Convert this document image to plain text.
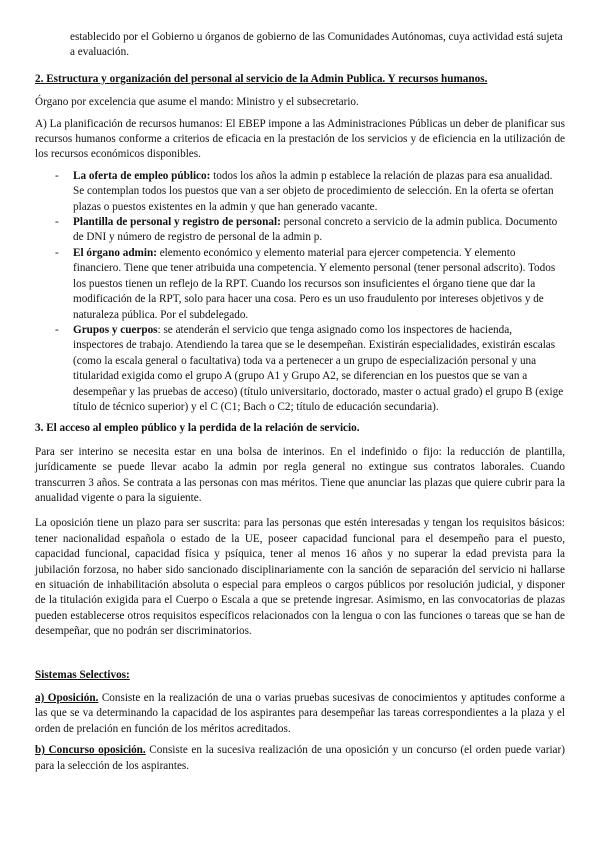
establecido por el Gobierno u órganos de gobierno de las Comunidades Autónomas, cuya actividad está sujeta a evaluación.

2. Estructura y organización del personal al servicio de la Admin Publica. Y recursos humanos.

Órgano por excelencia que asume el mando: Ministro y el subsecretario.

A) La planificación de recursos humanos: El EBEP impone a las Administraciones Públicas un deber de planificar sus recursos humanos conforme a criterios de eficacia en la prestación de los servicios y de eficiencia en la utilización de los recursos económicos disponibles.

- La oferta de empleo público: todos los años la admin p establece la relación de plazas para esa anualidad. Se contemplan todos los puestos que van a ser objeto de procedimiento de selección. En la oferta se ofertan plazas o puestos existentes en la admin y que han generado vacante.
- Plantilla de personal y registro de personal: personal concreto a servicio de la admin publica. Documento de DNI y número de registro de personal de la admin p.
- El órgano admin: elemento económico y elemento material para ejercer competencia. Y elemento financiero. Tiene que tener atribuida una competencia. Y elemento personal (tener personal adscrito). Todos los puestos tienen un reflejo de la RPT. Cuando los recursos son insuficientes el órgano tiene que dar la modificación de la RPT, solo para hacer una cosa. Pero es un uso fraudulento por intereses objetivos y de naturaleza pública. Por el subdelegado.
- Grupos y cuerpos: se atenderán el servicio que tenga asignado como los inspectores de hacienda, inspectores de trabajo. Atendiendo la tarea que se le desempeñan. Existirán especialidades, existirán escalas (como la escala general o facultativa) toda va a pertenecer a un grupo de especialización personal y una titularidad exigida como el grupo A (grupo A1 y Grupo A2, se diferencian en los puestos que se van a desempeñar y las pruebas de acceso) (título universitario, doctorado, master o actual grado) el grupo B (exige título de técnico superior) y el C (C1; Bach o C2; título de educación secundaria).

3. El acceso al empleo público y la perdida de la relación de servicio.

Para ser interino se necesita estar en una bolsa de interinos. En el indefinido o fijo: la reducción de plantilla, jurídicamente se puede llevar acabo la admin por regla general no extingue sus contratos laborales. Cuando transcurren 3 años. Se contrata a las personas con mas méritos. Tiene que anunciar las plazas que quiere cubrir para la anualidad vigente o para la siguiente.

La oposición tiene un plazo para ser suscrita: para las personas que estén interesadas y tengan los requisitos básicos: tener nacionalidad española o estado de la UE, poseer capacidad funcional para el desempeño para el puesto, capacidad funcional, capacidad física y psíquica, tener al menos 16 años y no superar la edad prevista para la jubilación forzosa, no haber sido sancionado disciplinariamente con la sanción de separación del servicio ni hallarse en situación de inhabilitación absoluta o especial para empleos o cargos públicos por resolución judicial, y disponer de la titulación exigida para el Cuerpo o Escala a que se pretende ingresar. Asimismo, en las convocatorias de plazas pueden establecerse otros requisitos específicos relacionados con la lengua o con las funciones o tareas que se han de desempeñar, que no podrán ser discriminatorios.

Sistemas Selectivos:

a) Oposición. Consiste en la realización de una o varias pruebas sucesivas de conocimientos y aptitudes conforme a las que se va determinando la capacidad de los aspirantes para desempeñar las tareas correspondientes a la plaza y el orden de prelación en función de los méritos acreditados.

b) Concurso oposición. Consiste en la sucesiva realización de una oposición y un concurso (el orden puede variar) para la selección de los aspirantes.
